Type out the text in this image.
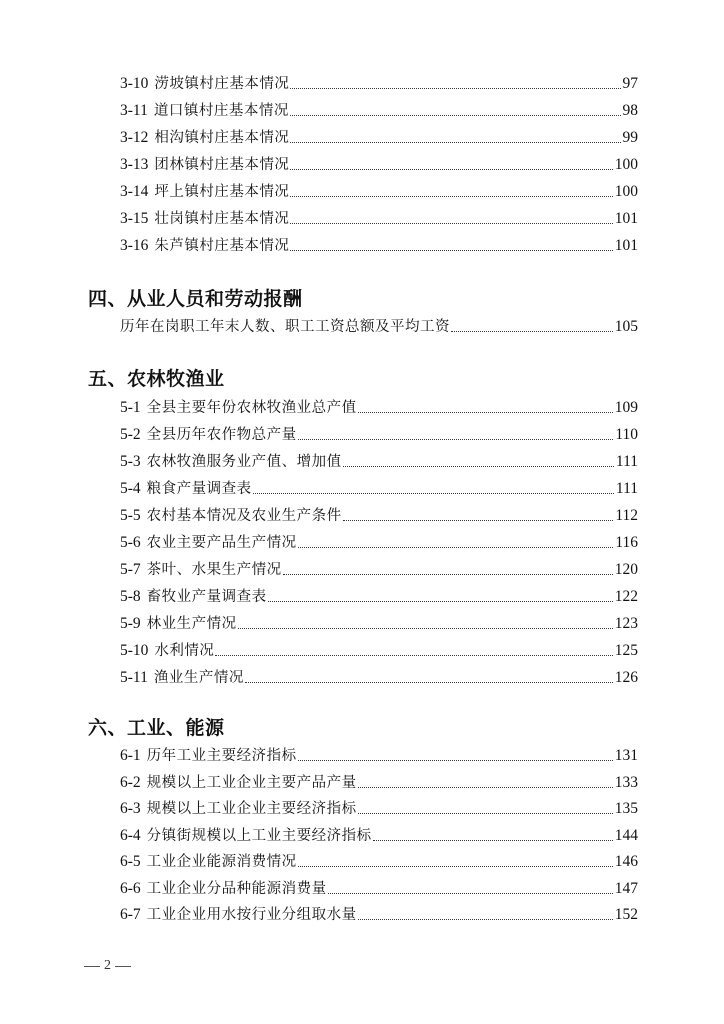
3-10 涝坡镇村庄基本情况	97
3-11 道口镇村庄基本情况	98
3-12 相沟镇村庄基本情况	99
3-13 团林镇村庄基本情况	100
3-14 坪上镇村庄基本情况	100
3-15 壮岗镇村庄基本情况	101
3-16 朱芦镇村庄基本情况	101
四、从业人员和劳动报酬
历年在岗职工年末人数、职工工资总额及平均工资	105
五、农林牧渔业
5-1 全县主要年份农林牧渔业总产值	109
5-2 全县历年农作物总产量	110
5-3 农林牧渔服务业产值、增加值	111
5-4 粮食产量调查表	111
5-5 农村基本情况及农业生产条件	112
5-6 农业主要产品生产情况	116
5-7 茶叶、水果生产情况	120
5-8 畜牧业产量调查表	122
5-9 林业生产情况	123
5-10 水利情况	125
5-11 渔业生产情况	126
六、工业、能源
6-1 历年工业主要经济指标	131
6-2 规模以上工业企业主要产品产量	133
6-3 规模以上工业企业主要经济指标	135
6-4 分镇街规模以上工业主要经济指标	144
6-5 工业企业能源消费情况	146
6-6 工业企业分品种能源消费量	147
6-7 工业企业用水按行业分组取水量	152
2
